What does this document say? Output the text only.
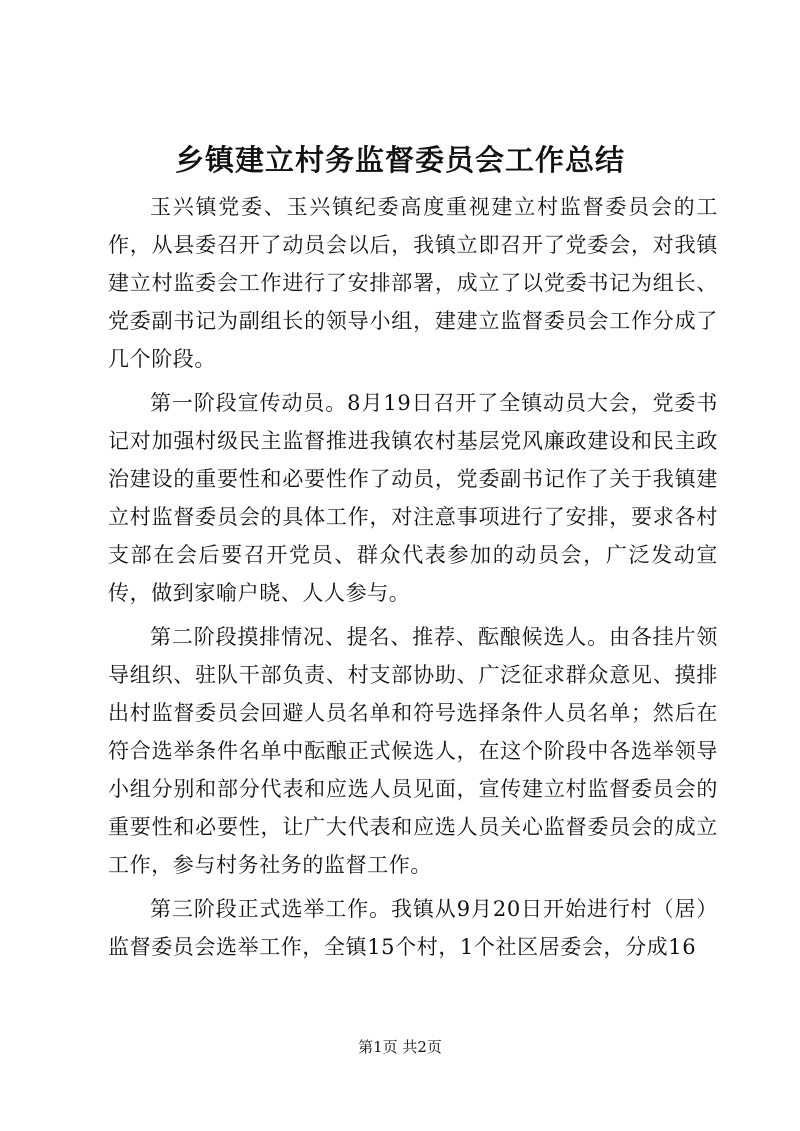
乡镇建立村务监督委员会工作总结

玉兴镇党委、玉兴镇纪委高度重视建立村监督委员会的工作，从县委召开了动员会以后，我镇立即召开了党委会，对我镇建立村监委会工作进行了安排部署，成立了以党委书记为组长、党委副书记为副组长的领导小组，建建立监督委员会工作分成了几个阶段。

第一阶段宣传动员。8月19日召开了全镇动员大会，党委书记对加强村级民主监督推进我镇农村基层党风廉政建设和民主政治建设的重要性和必要性作了动员，党委副书记作了关于我镇建立村监督委员会的具体工作，对注意事项进行了安排，要求各村支部在会后要召开党员、群众代表参加的动员会，广泛发动宣传，做到家喻户晓、人人参与。

第二阶段摸排情况、提名、推荐、酝酿候选人。由各挂片领导组织、驻队干部负责、村支部协助、广泛征求群众意见、摸排出村监督委员会回避人员名单和符号选择条件人员名单；然后在符合选举条件名单中酝酿正式候选人，在这个阶段中各选举领导小组分别和部分代表和应选人员见面，宣传建立村监督委员会的重要性和必要性，让广大代表和应选人员关心监督委员会的成立工作，参与村务社务的监督工作。

第三阶段正式选举工作。我镇从9月20日开始进行村（居）监督委员会选举工作，全镇15个村，1个社区居委会，分成16

第1页 共2页
